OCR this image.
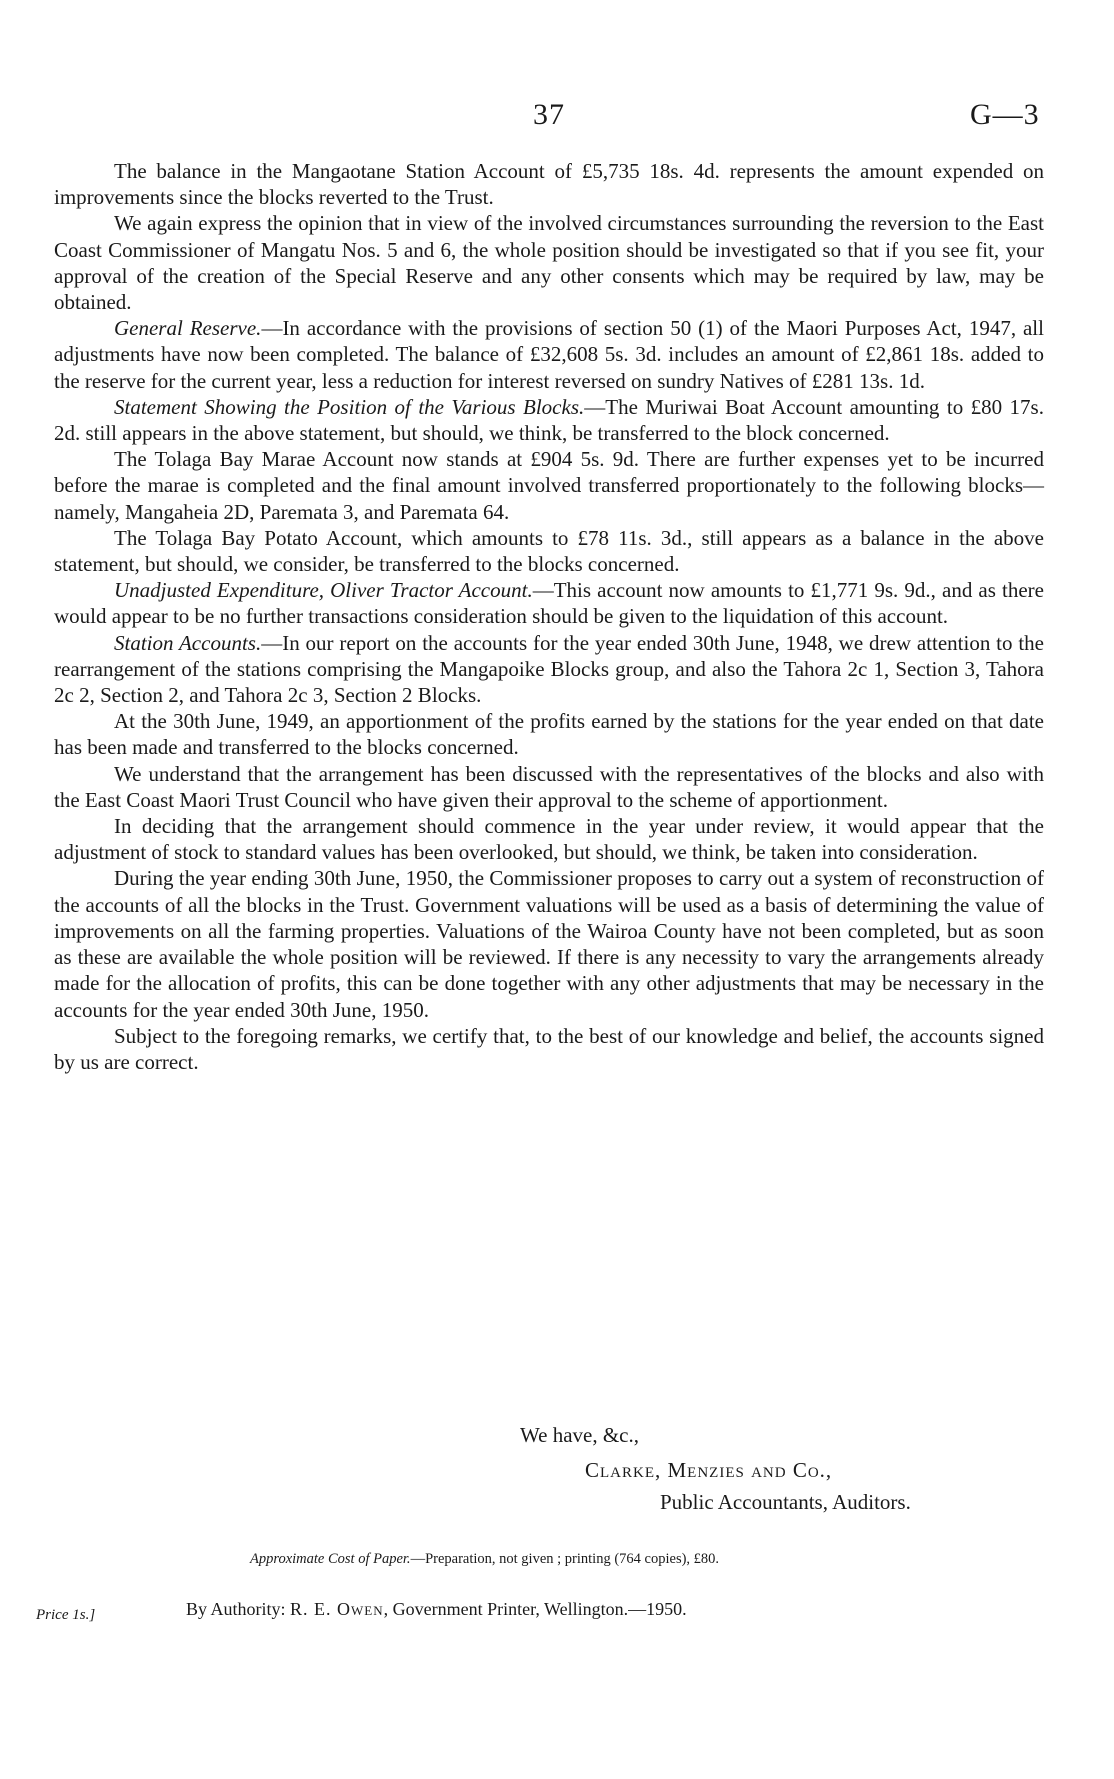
37	G—3

The balance in the Mangaotane Station Account of £5,735 18s. 4d. represents the amount expended on improvements since the blocks reverted to the Trust.

We again express the opinion that in view of the involved circumstances surrounding the reversion to the East Coast Commissioner of Mangatu Nos. 5 and 6, the whole position should be investigated so that if you see fit, your approval of the creation of the Special Reserve and any other consents which may be required by law, may be obtained.

General Reserve.—In accordance with the provisions of section 50 (1) of the Maori Purposes Act, 1947, all adjustments have now been completed. The balance of £32,608 5s. 3d. includes an amount of £2,861 18s. added to the reserve for the current year, less a reduction for interest reversed on sundry Natives of £281 13s. 1d.

Statement Showing the Position of the Various Blocks.—The Muriwai Boat Account amounting to £80 17s. 2d. still appears in the above statement, but should, we think, be transferred to the block concerned.

The Tolaga Bay Marae Account now stands at £904 5s. 9d. There are further expenses yet to be incurred before the marae is completed and the final amount involved transferred proportionately to the following blocks—namely, Mangaheia 2D, Paremata 3, and Paremata 64.

The Tolaga Bay Potato Account, which amounts to £78 11s. 3d., still appears as a balance in the above statement, but should, we consider, be transferred to the blocks concerned.

Unadjusted Expenditure, Oliver Tractor Account.—This account now amounts to £1,771 9s. 9d., and as there would appear to be no further transactions consideration should be given to the liquidation of this account.

Station Accounts.—In our report on the accounts for the year ended 30th June, 1948, we drew attention to the rearrangement of the stations comprising the Mangapoike Blocks group, and also the Tahora 2c 1, Section 3, Tahora 2c 2, Section 2, and Tahora 2c 3, Section 2 Blocks.

At the 30th June, 1949, an apportionment of the profits earned by the stations for the year ended on that date has been made and transferred to the blocks concerned.

We understand that the arrangement has been discussed with the representatives of the blocks and also with the East Coast Maori Trust Council who have given their approval to the scheme of apportionment.

In deciding that the arrangement should commence in the year under review, it would appear that the adjustment of stock to standard values has been overlooked, but should, we think, be taken into consideration.

During the year ending 30th June, 1950, the Commissioner proposes to carry out a system of reconstruction of the accounts of all the blocks in the Trust. Government valuations will be used as a basis of determining the value of improvements on all the farming properties. Valuations of the Wairoa County have not been completed, but as soon as these are available the whole position will be reviewed. If there is any necessity to vary the arrangements already made for the allocation of profits, this can be done together with any other adjustments that may be necessary in the accounts for the year ended 30th June, 1950.

Subject to the foregoing remarks, we certify that, to the best of our knowledge and belief, the accounts signed by us are correct.

We have, &c.,
Clarke, Menzies and Co.,
Public Accountants, Auditors.
Approximate Cost of Paper.—Preparation, not given ; printing (764 copies), £80.
Price 1s.]	By Authority: R. E. Owen, Government Printer, Wellington.—1950.
